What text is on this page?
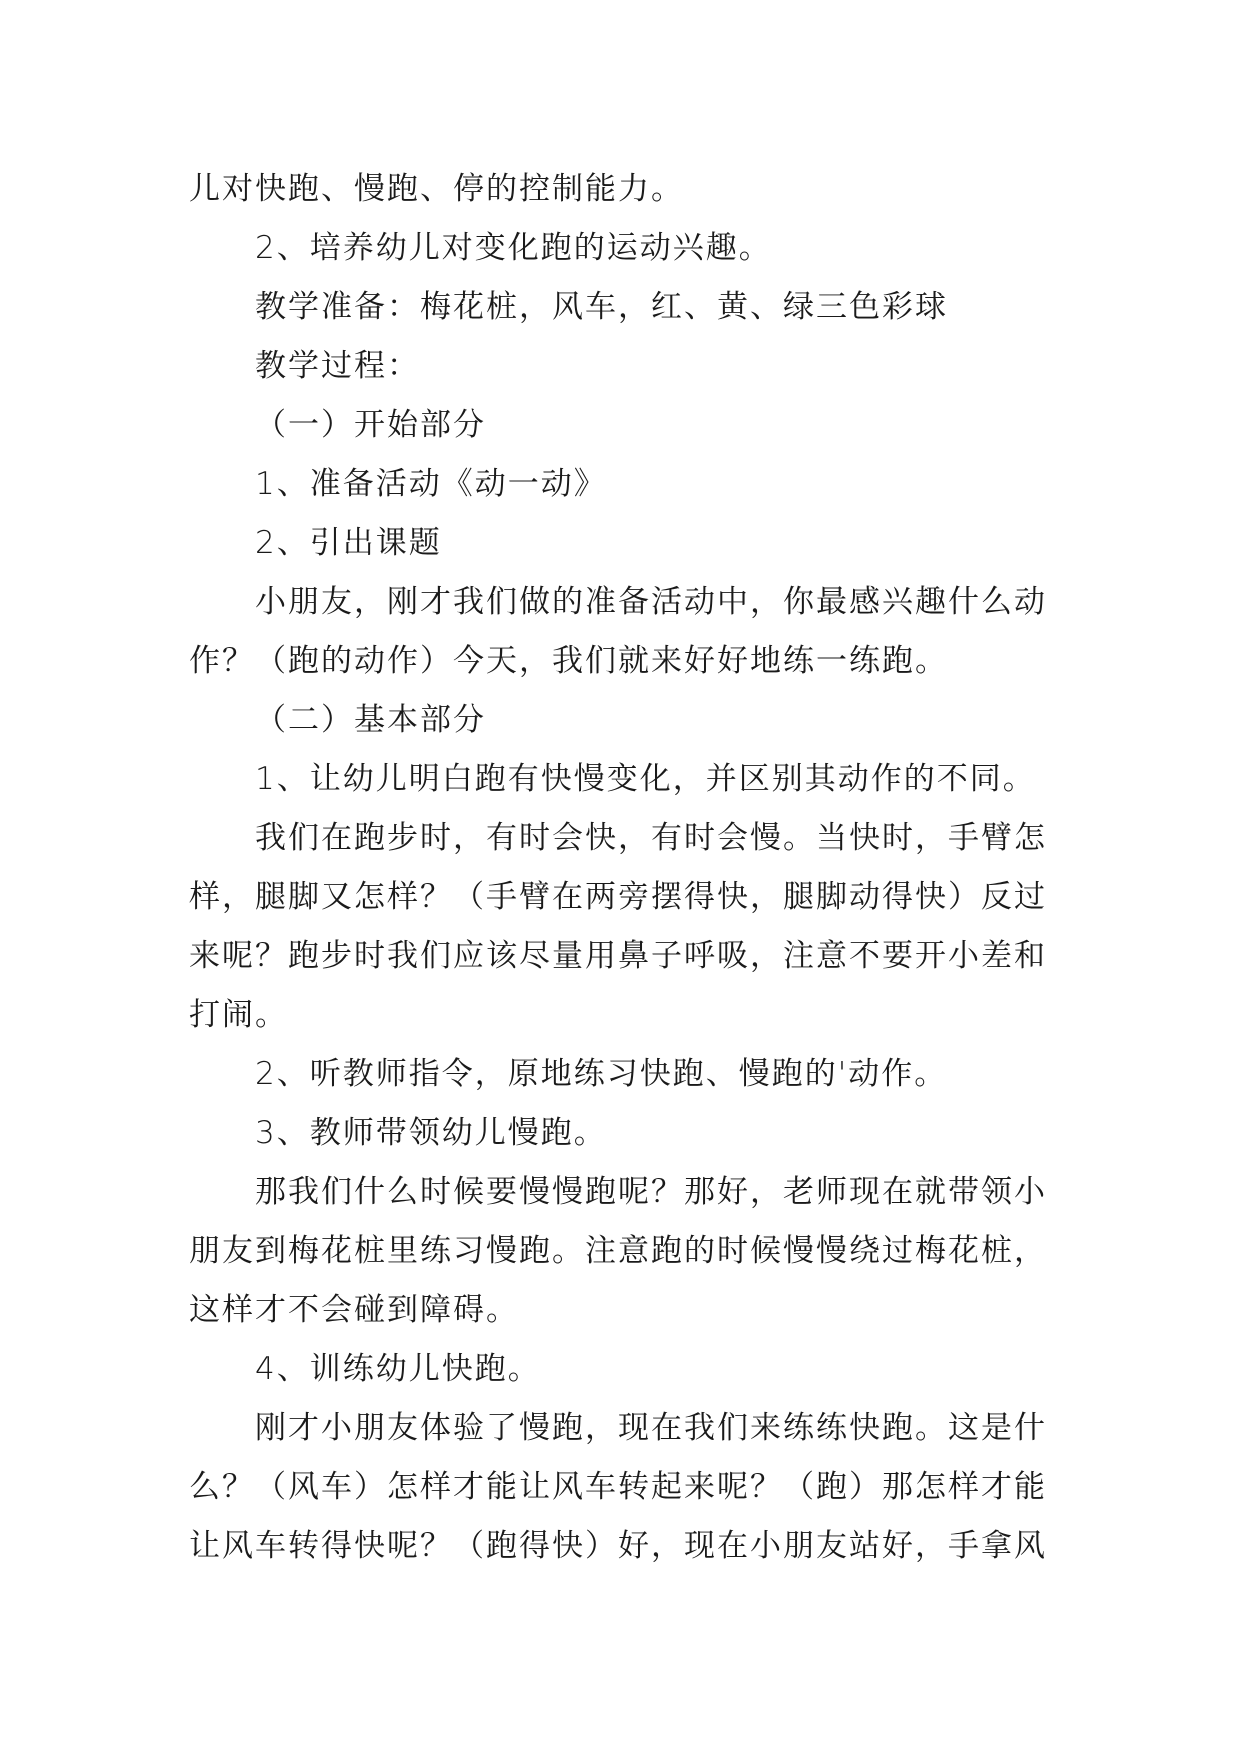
儿对快跑、慢跑、停的控制能力。
2、培养幼儿对变化跑的运动兴趣。
教学准备：梅花桩，风车，红、黄、绿三色彩球
教学过程：
（一）开始部分
1、准备活动《动一动》
2、引出课题
小朋友，刚才我们做的准备活动中，你最感兴趣什么动
作？（跑的动作）今天，我们就来好好地练一练跑。
（二）基本部分
1、让幼儿明白跑有快慢变化，并区别其动作的不同。
我们在跑步时，有时会快，有时会慢。当快时，手臂怎
样，腿脚又怎样？（手臂在两旁摆得快，腿脚动得快）反过
来呢？跑步时我们应该尽量用鼻子呼吸，注意不要开小差和
打闹。
2、听教师指令，原地练习快跑、慢跑的'动作。
3、教师带领幼儿慢跑。
那我们什么时候要慢慢跑呢？那好，老师现在就带领小
朋友到梅花桩里练习慢跑。注意跑的时候慢慢绕过梅花桩，
这样才不会碰到障碍。
4、训练幼儿快跑。
刚才小朋友体验了慢跑，现在我们来练练快跑。这是什
么？（风车）怎样才能让风车转起来呢？（跑）那怎样才能
让风车转得快呢？（跑得快）好，现在小朋友站好，手拿风
